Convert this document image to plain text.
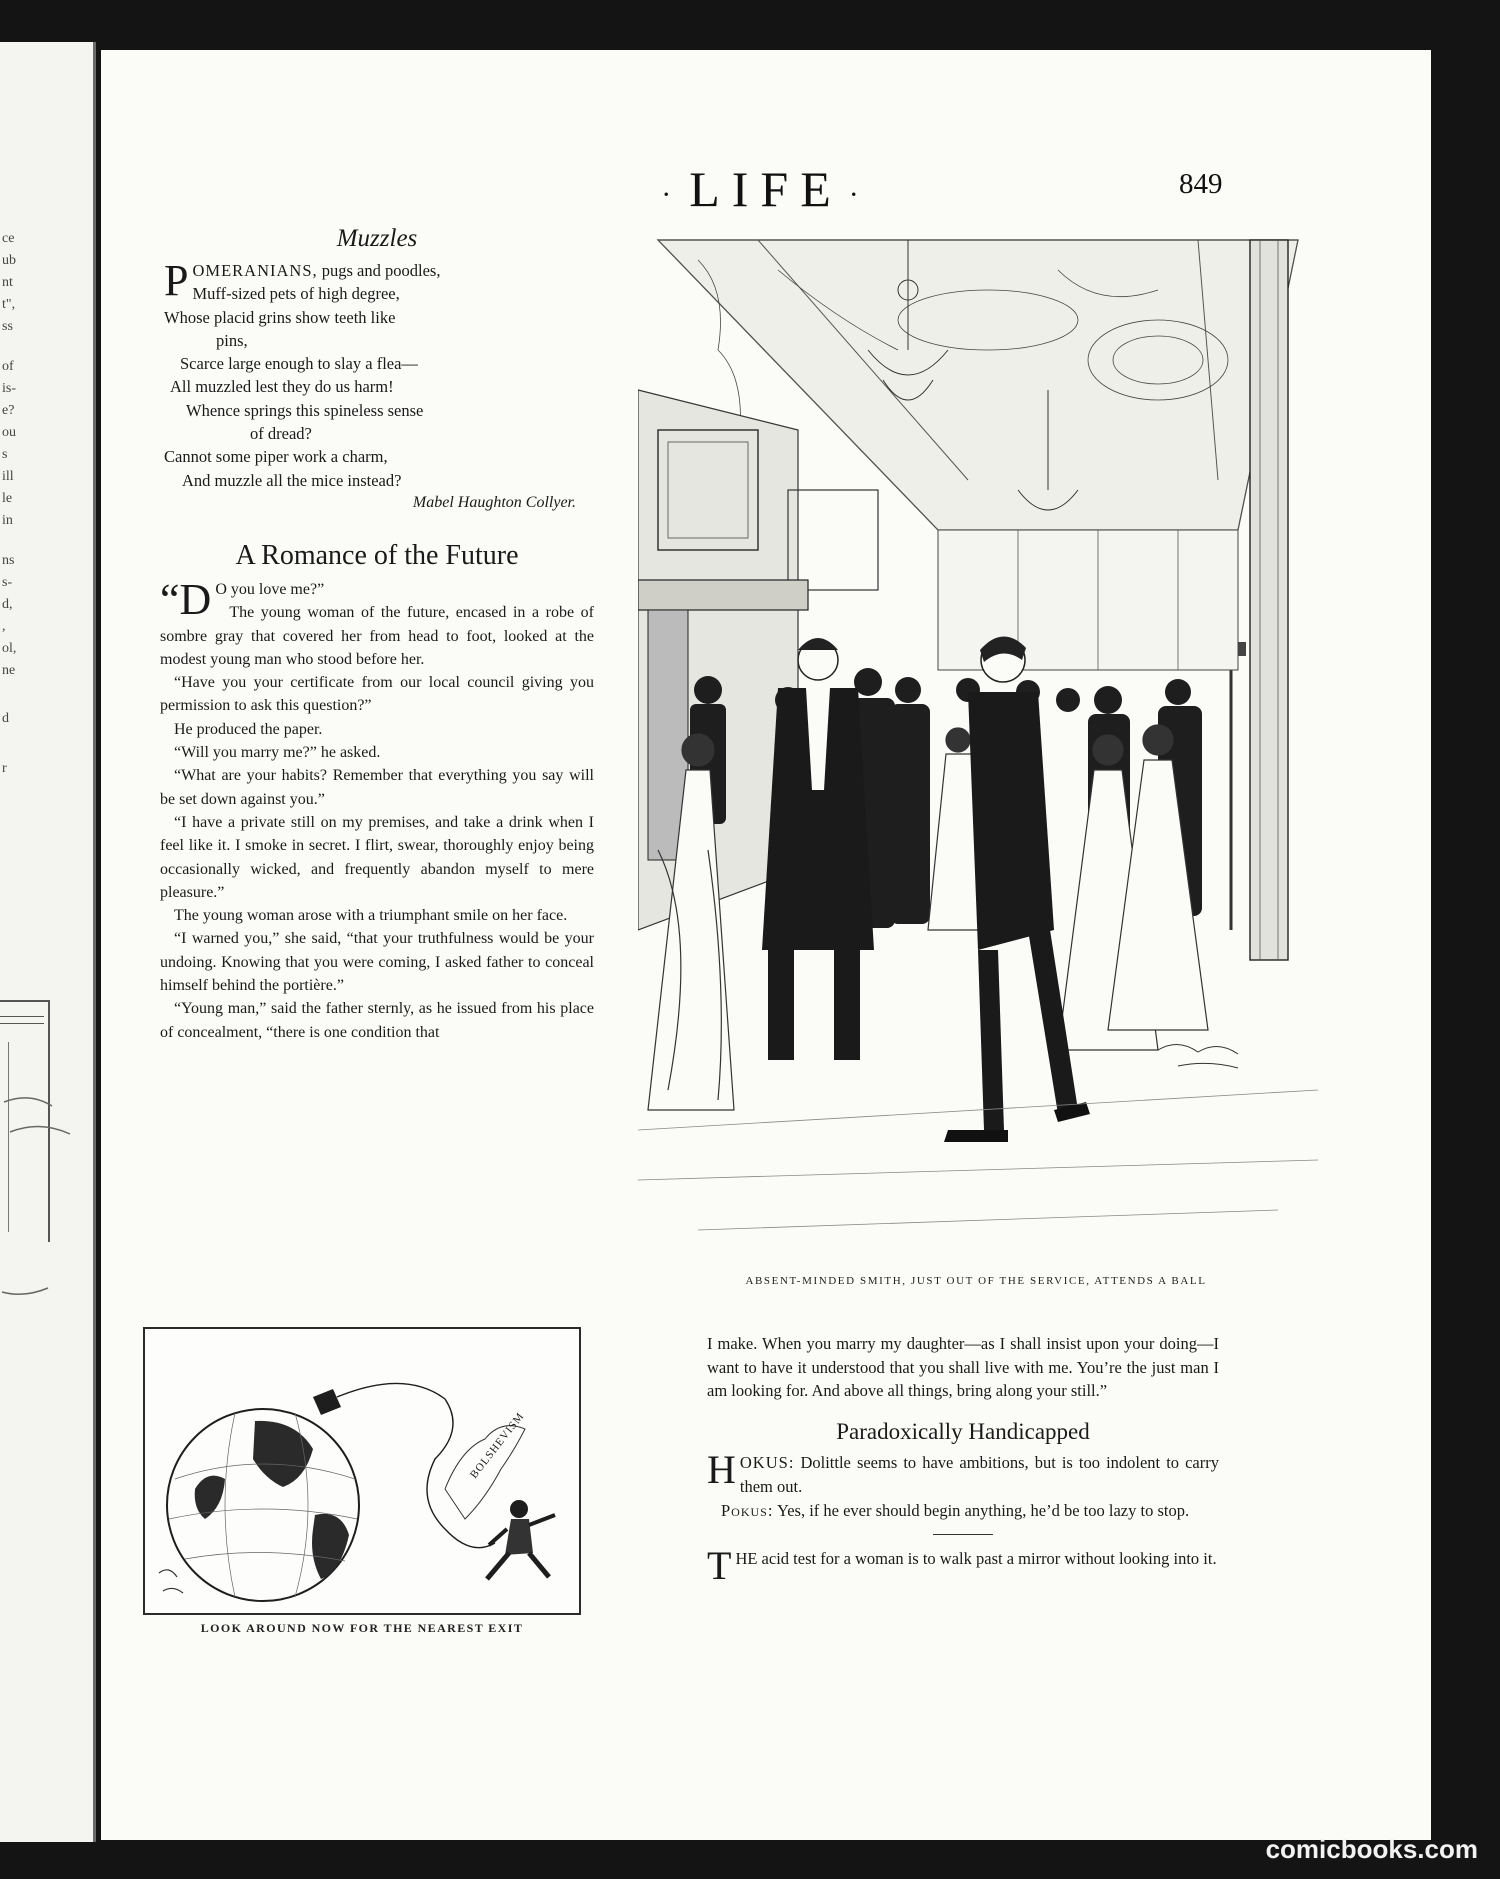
ce
ub
nt
t",
ss
of
is-
e?
ou
s
ill
le
in
ns
s-
d,
,
ol,
ne
d
r
· LIFE ·	849
Muzzles
POMERANIANS, pugs and poodles,
Muff-sized pets of high degree,
Whose placid grins show teeth like
pins,
Scarce large enough to slay a flea—
All muzzled lest they do us harm!
Whence springs this spineless sense
of dread?
Cannot some piper work a charm,
And muzzle all the mice instead?
Mabel Haughton Collyer.
A Romance of the Future

“D O you love me?”

The young woman of the future, encased in a robe of sombre gray that covered her from head to foot, looked at the modest young man who stood before her.

“Have you your certificate from our local council giving you permission to ask this question?”

He produced the paper.

“Will you marry me?” he asked.

“What are your habits? Remember that everything you say will be set down against you.”

“I have a private still on my premises, and take a drink when I feel like it. I smoke in secret. I flirt, swear, thoroughly enjoy being occasionally wicked, and frequently abandon myself to mere pleasure.”

The young woman arose with a triumphant smile on her face.

“I warned you,” she said, “that your truthfulness would be your undoing. Knowing that you were coming, I asked father to conceal himself behind the portière.”

“Young man,” said the father sternly, as he issued from his place of concealment, “there is one condition that

ABSENT-MINDED SMITH, JUST OUT OF THE SERVICE, ATTENDS A BALL
BOLSHEVISM
LOOK AROUND NOW FOR THE NEAREST EXIT

I make. When you marry my daughter—as I shall insist upon your doing—I want to have it understood that you shall live with me. You’re the just man I am looking for. And above all things, bring along your still.”

Paradoxically Handicapped

HOKUS: Dolittle seems to have ambitions, but is too indolent to carry them out.

Pokus: Yes, if he ever should begin anything, he’d be too lazy to stop.

THE acid test for a woman is to walk past a mirror without looking into it.

comicbooks.com
